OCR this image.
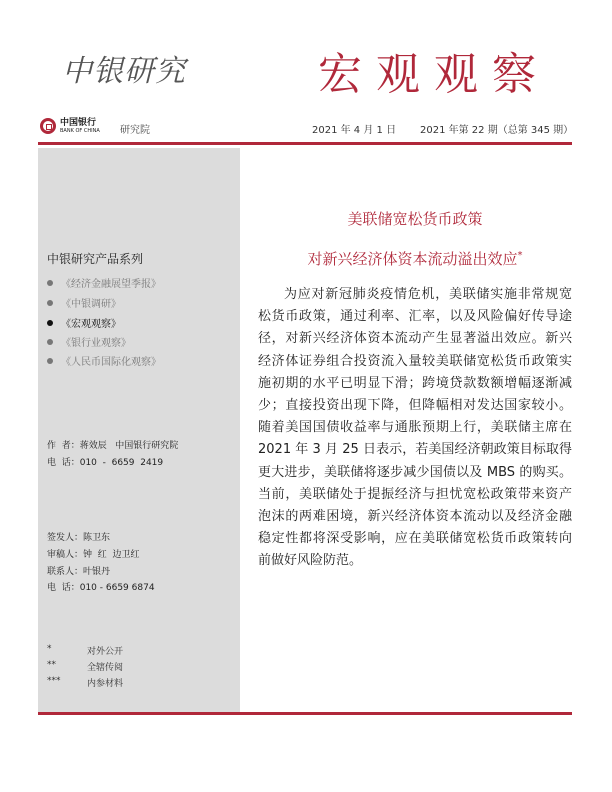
中银研究	宏观观察
中国银行
BANK OF CHINA 研究院	2021 年 4 月 1 日 2021 年第 22 期（总第 345 期）
中银研究产品系列
《经济金融展望季报》
《中银调研》
《宏观观察》
《银行业观察》
《人民币国际化观察》
作  者：蒋效辰   中国银行研究院
电  话：010  -  6659  2419
签发人：陈卫东
审稿人：钟  红  边卫红
联系人：叶银丹
电  话：010 - 6659 6874
*	对外公开
**	全辖传阅
***	内参材料
美联储宽松货币政策
对新兴经济体资本流动溢出效应*
为应对新冠肺炎疫情危机，美联储实施非常规宽
松货币政策，通过利率、汇率，以及风险偏好传导途
径，对新兴经济体资本流动产生显著溢出效应。新兴
经济体证券组合投资流入量较美联储宽松货币政策实
施初期的水平已明显下滑；跨境贷款数额增幅逐渐减
少；直接投资出现下降，但降幅相对发达国家较小。
随着美国国债收益率与通胀预期上行，美联储主席在
2021 年 3 月 25 日表示，若美国经济朝政策目标取得
更大进步，美联储将逐步减少国债以及 MBS 的购买。
当前，美联储处于提振经济与担忧宽松政策带来资产
泡沫的两难困境，新兴经济体资本流动以及经济金融
稳定性都将深受影响，应在美联储宽松货币政策转向
前做好风险防范。
